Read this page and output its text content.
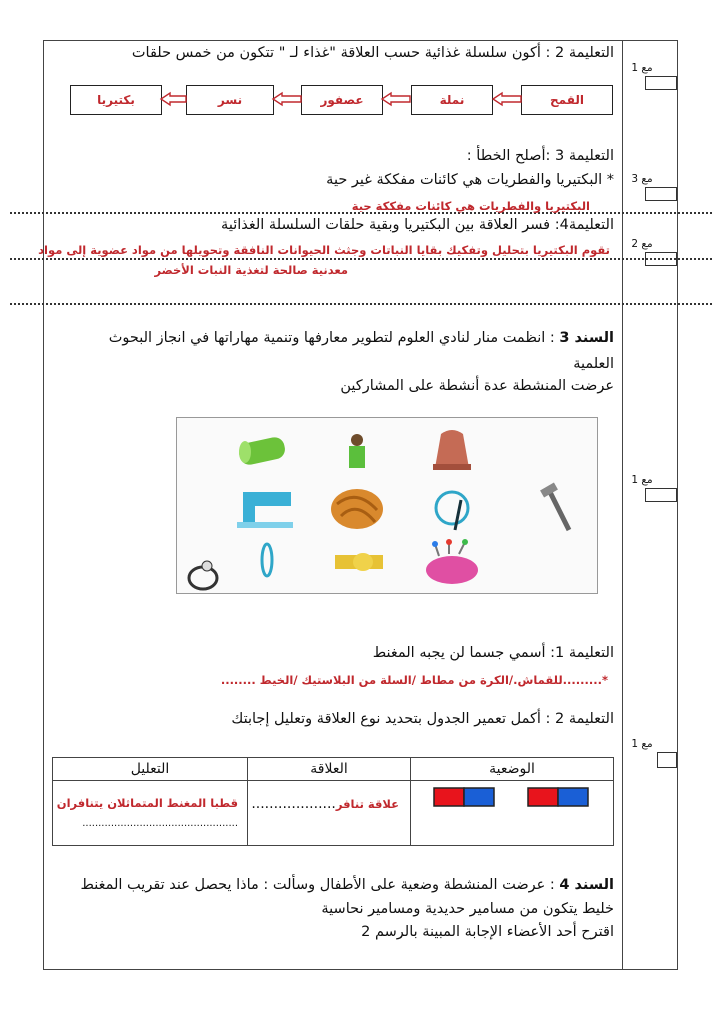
مع 1
مع 3
مع 2
مع 1
مع 1
التعليمة 2 : أكون سلسلة غذائية حسب العلاقة "غذاء لـ " تتكون من خمس حلقات
القمح
نملة
عصفور
نسر
بكتيريا
التعليمة 3 :أصلح الخطأ :
* البكتيريا والفطريات هي كائنات مفككة غير حية
البكتيريا والفطريات هي كائنات مفككة حية
التعليمة4: فسر العلاقة بين البكتيريا وبقية حلقات السلسلة الغذائية
تقوم البكتيريا بتحليل وتفكيك بقايا النباتات وجثث الحيوانات النافقة وتحويلها من مواد عضوية إلى مواد
معدنية صالحة لتغذية النبات الأخضر
السند 3 : انظمت منار لنادي العلوم لتطوير معارفها وتنمية مهاراتها في انجاز البحوث
العلمية
عرضت المنشطة عدة أنشطة على المشاركين
التعليمة 1: أسمي جسما لن يجبه المغنط
*.........للقماش./الكرة من مطاط /السلة من البلاستيك /الخيط ........
التعليمة 2 : أكمل تعمير الجدول بتحديد نوع العلاقة وتعليل إجابتك
الوضعية	العلاقة	التعليل

علاقة تنافر...................	قطبا المغنط المتماثلان يتنافران
.................................................
السند 4 : عرضت المنشطة وضعية على الأطفال وسألت : ماذا يحصل عند تقريب المغنط
خليط يتكون من مسامير حديدية ومسامير نحاسية
اقترح أحد الأعضاء الإجابة المبينة بالرسم 2
